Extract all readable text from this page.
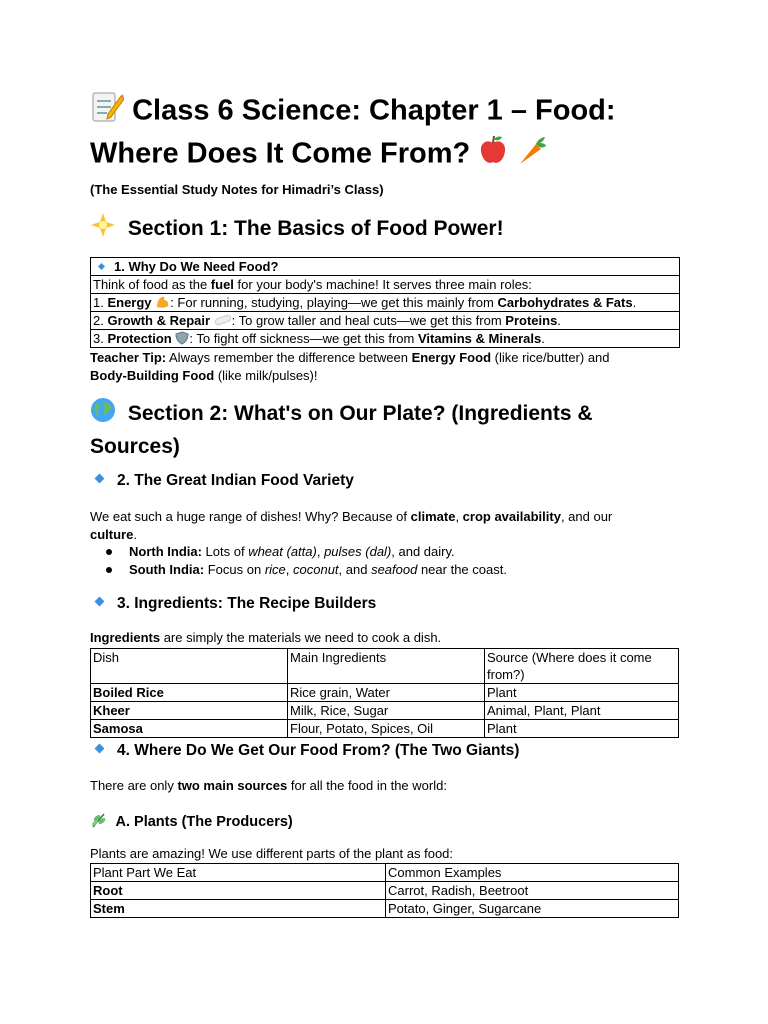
Class 6 Science: Chapter 1 – Food:
Where Does It Come From?
(The Essential Study Notes for Himadri’s Class)
Section 1: The Basics of Food Power!
1. Why Do We Need Food?
Think of food as the fuel for your body's machine! It serves three main roles:
1. Energy : For running, studying, playing—we get this mainly from Carbohydrates & Fats.
2. Growth & Repair : To grow taller and heal cuts—we get this from Proteins.
3. Protection : To fight off sickness—we get this from Vitamins & Minerals.
Teacher Tip: Always remember the difference between Energy Food (like rice/butter) and
Body-Building Food (like milk/pulses)!
Section 2: What's on Our Plate? (Ingredients &
Sources)
2. The Great Indian Food Variety
We eat such a huge range of dishes! Why? Because of climate, crop availability, and our
culture.
North India: Lots of wheat (atta), pulses (dal), and dairy.
South India: Focus on rice, coconut, and seafood near the coast.
3. Ingredients: The Recipe Builders
Ingredients are simply the materials we need to cook a dish.
Dish	Main Ingredients	Source (Where does it come from?)
Boiled Rice	Rice grain, Water	Plant
Kheer	Milk, Rice, Sugar	Animal, Plant, Plant
Samosa	Flour, Potato, Spices, Oil	Plant
4. Where Do We Get Our Food From? (The Two Giants)
There are only two main sources for all the food in the world:
A. Plants (The Producers)
Plants are amazing! We use different parts of the plant as food:
Plant Part We Eat	Common Examples
Root	Carrot, Radish, Beetroot
Stem	Potato, Ginger, Sugarcane
